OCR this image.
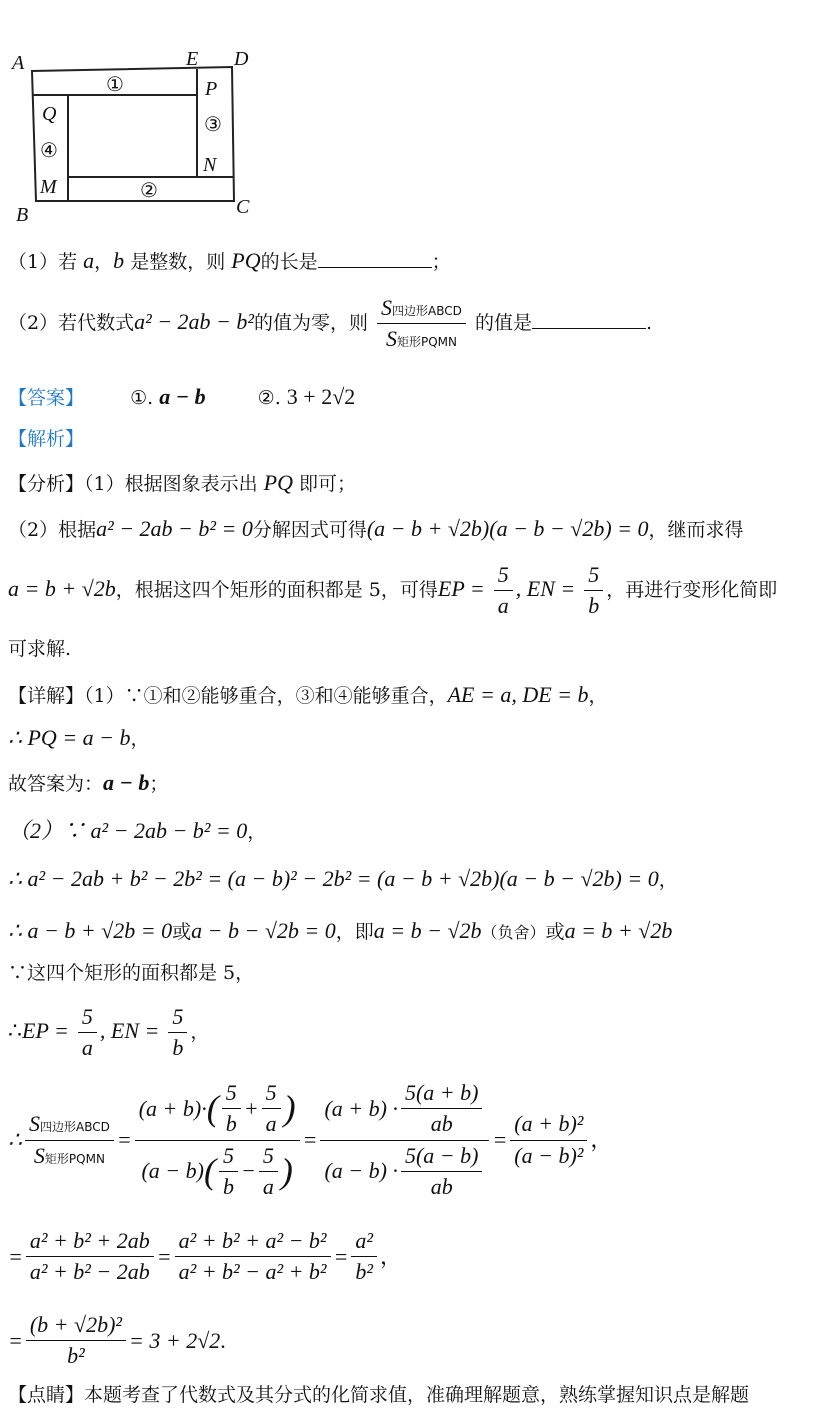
A	E D
P
Q
N
M
B	C
①
③
④
②
（1）若 a，b 是整数，则 PQ的长是	；
（2）若代数式a² − 2ab − b²的值为零，则 $\frac{\text{S四边形ABCD}}{\text{S矩形PQMN}}$ 的值是	.
【答案】 ①. a − b	②. 3 + 2√2
【解析】
【分析】（1）根据图象表示出 PQ 即可；
（2）根据a² − 2ab − b² = 0分解因式可得(a − b + √2b)(a − b − √2b) = 0，继而求得
a = b + √2b，根据这四个矩形的面积都是 5，可得EP = $\frac{5}{a}$ , EN = $\frac{5}{b}$ ，再进行变形化简即
可求解.
【详解】（1）∵①和②能够重合，③和④能够重合，AE = a, DE = b，
∴ PQ = a − b，
故答案为：a − b；
（2）∵ a² − 2ab − b² = 0，
∴ a² − 2ab + b² − 2b² = (a − b)² − 2b² = (a − b + √2b)(a − b − √2b) = 0，
∴ a − b + √2b = 0或a − b − √2b = 0，即a = b − √2b（负舍）或a = b + √2b
∵这四个矩形的面积都是 5，
∴EP = $\frac{5}{a}$ , EN = $\frac{5}{b}$ ，
∴ $\frac{\text{S四边形ABCD}}{\text{S矩形PQMN}} = \frac{(a + b) \cdot ( \frac{5}{b} + \frac{5}{a} )}{(a - b) ( \frac{5}{b} - \frac{5}{a} )} = \frac{(a + b) \cdot \frac{5(a + b)}{ab}}{(a - b) \cdot \frac{5(a - b)}{ab}} = \frac{\text{(a + b)²}}{\text{(a − b)²}}$ ，
= $\frac{\text{a² + b² + 2ab}}{\text{a² + b² − 2ab}} = \frac{\text{a² + b² + a² − b²}}{\text{a² + b² − a² + b²}} = \frac{\text{a²}}{\text{b²}}$ ，
= $\frac{\text{(b + √2b)²}}{\text{b²}} = 3 + 2√2$ .
【点睛】本题考查了代数式及其分式的化简求值，准确理解题意，熟练掌握知识点是解题
